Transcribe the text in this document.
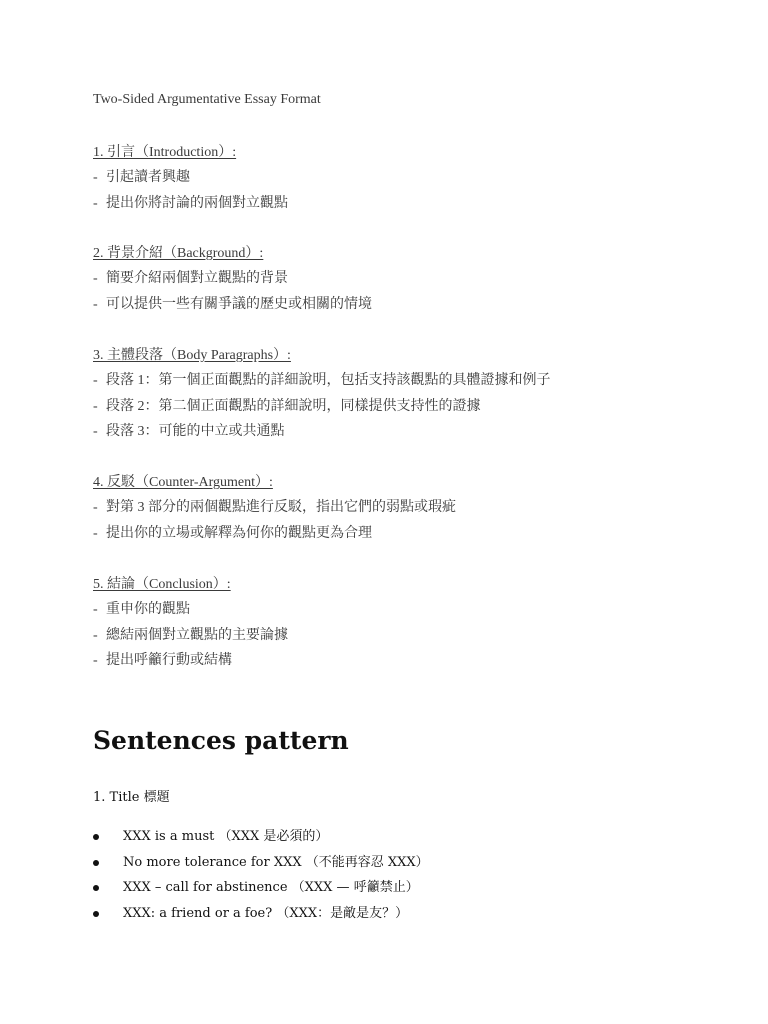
Two-Sided Argumentative Essay Format
1. 引言（Introduction）:
- 引起讀者興趣
- 提出你將討論的兩個對立觀點
2. 背景介紹（Background）:
- 簡要介紹兩個對立觀點的背景
- 可以提供一些有關爭議的歷史或相關的情境
3. 主體段落（Body Paragraphs）:
- 段落 1：第一個正面觀點的詳細說明，包括支持該觀點的具體證據和例子
- 段落 2：第二個正面觀點的詳細說明，同樣提供支持性的證據
- 段落 3：可能的中立或共通點
4. 反駁（Counter-Argument）:
- 對第 3 部分的兩個觀點進行反駁，指出它們的弱點或瑕疵
- 提出你的立場或解釋為何你的觀點更為合理
5. 結論（Conclusion）:
- 重申你的觀點
- 總結兩個對立觀點的主要論據
- 提出呼籲行動或結構
Sentences pattern
1. Title 標題
XXX is a must （XXX 是必須的）
No more tolerance for XXX （不能再容忍 XXX）
XXX – call for abstinence （XXX — 呼籲禁止）
XXX: a friend or a foe? （XXX：是敵是友？）
